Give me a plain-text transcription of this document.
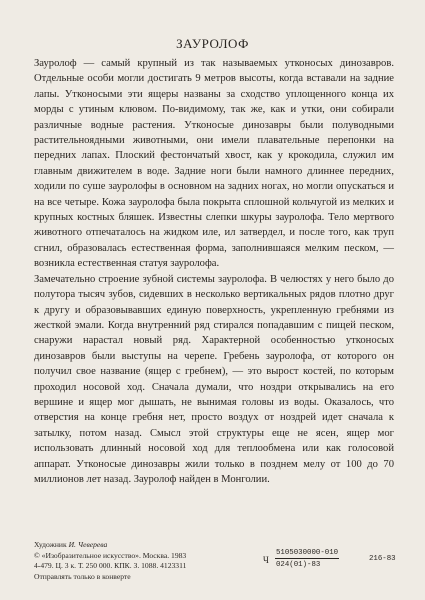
ЗАУРОЛОФ

Зауролоф — самый крупный из так называемых утконосых динозавров. Отдельные особи могли достигать 9 метров высоты, когда вставали на задние лапы. Утконосыми эти ящеры названы за сходство уплощенного конца их морды с утиным клювом. По-видимому, так же, как и утки, они собирали различные водные растения. Утконосые динозавры были полуводными растительноядными животными, они имели плавательные перепонки на передних лапах. Плоский фестончатый хвост, как у крокодила, служил им главным движителем в воде. Задние ноги были намного длиннее передних, ходили по суше зауролофы в основном на задних ногах, но могли опускаться и на все четыре. Кожа зауролофа была покрыта сплошной кольчугой из мелких и крупных костных бляшек. Известны слепки шкуры зауролофа. Тело мертвого животного отпечаталось на жидком иле, ил затвердел, и после того, как труп сгнил, образовалась естественная форма, заполнившаяся мелким песком, — возникла естественная статуя зауролофа.

Замечательно строение зубной системы зауролофа. В челюстях у него было до полутора тысяч зубов, сидевших в несколько вертикальных рядов плотно друг к другу и образовывавших единую поверхность, укрепленную гребнями из жесткой эмали. Когда внутренний ряд стирался попадавшим с пищей песком, снаружи нарастал новый ряд. Характерной особенностью утконосых динозавров были выступы на черепе. Гребень зауролофа, от которого он получил свое название (ящер с гребнем), — это вырост костей, по которым проходил носовой ход. Сначала думали, что ноздри открывались на его вершине и ящер мог дышать, не вынимая головы из воды. Оказалось, что отверстия на конце гребня нет, просто воздух от ноздрей идет сначала к затылку, потом назад. Смысл этой структуры еще не ясен, ящер мог использовать длинный носовой ход для теплообмена или как голосовой аппарат. Утконосые динозавры жили только в позднем мелу от 100 до 70 миллионов лет назад. Зауролоф найден в Монголии.

Художник И. Чеверева
© «Изобразительное искусство». Москва. 1983
4-479. Ц. 3 к. Т. 250 000. КПК. З. 1088. 4123311
Отправлять только в конверте
Ч $\frac{5105030000-010}{024(01)-83}$	216-83
